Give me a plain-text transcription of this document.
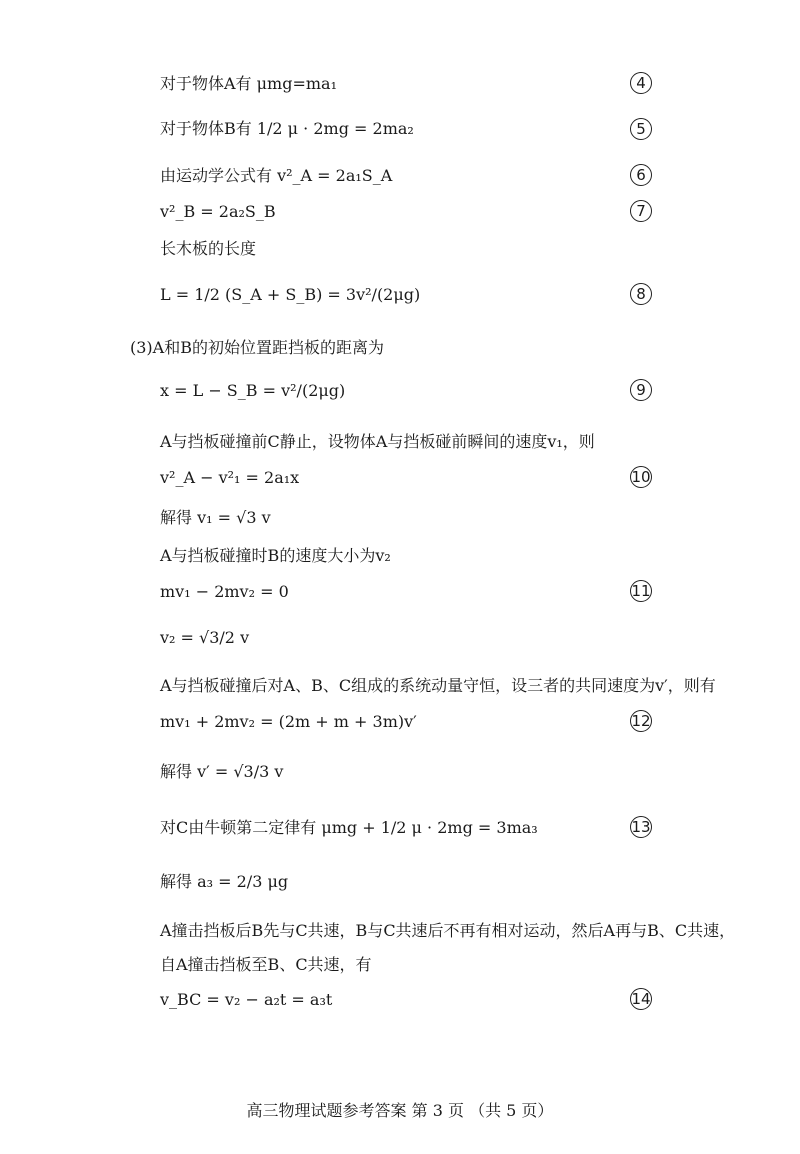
对于物体A有 μmg=ma₁	4
对于物体B有 1/2 μ · 2mg = 2ma₂	5
由运动学公式有 v²_A = 2a₁S_A	6
v²_B = 2a₂S_B	7
长木板的长度
L = 1/2 (S_A + S_B) = 3v²/(2μg)	8
(3)A和B的初始位置距挡板的距离为
x = L − S_B = v²/(2μg)	9
A与挡板碰撞前C静止，设物体A与挡板碰前瞬间的速度v₁，则
v²_A − v²₁ = 2a₁x	10
解得 v₁ = √3 v
A与挡板碰撞时B的速度大小为v₂
mv₁ − 2mv₂ = 0	11
v₂ = √3/2 v
A与挡板碰撞后对A、B、C组成的系统动量守恒，设三者的共同速度为v′，则有
mv₁ + 2mv₂ = (2m + m + 3m)v′	12
解得 v′ = √3/3 v
对C由牛顿第二定律有 μmg + 1/2 μ · 2mg = 3ma₃	13
解得 a₃ = 2/3 μg
A撞击挡板后B先与C共速，B与C共速后不再有相对运动，然后A再与B、C共速，
自A撞击挡板至B、C共速，有
v_BC = v₂ − a₂t = a₃t	14
高三物理试题参考答案 第 3 页 （共 5 页）
